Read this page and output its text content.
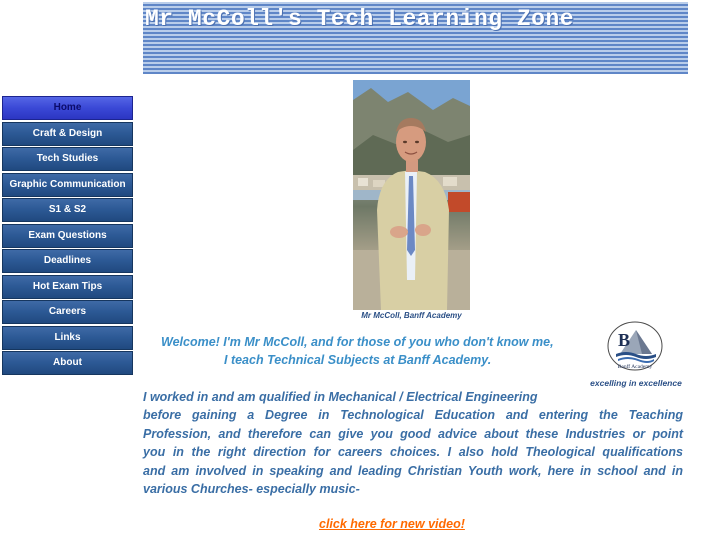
Mr McColl's Tech Learning Zone
Home
Craft & Design
Tech Studies
Graphic Communication
S1 & S2
Exam Questions
Deadlines
Hot Exam Tips
Careers
Links
About
Mr McColl, Banff Academy
Welcome! I'm Mr McColl, and for those of you who don't know me,
I teach Technical Subjects at Banff Academy.
B
Banff Academy
excelling in excellence
I worked in and am qualified in Mechanical / Electrical Engineering
before gaining a Degree in Technological Education and entering the Teaching
Profession, and therefore can give you good advice about these Industries or point
you in the right direction for careers choices. I also hold Theological qualifications
and am involved in speaking and leading Christian Youth work, here in school and in
various Churches- especially music-
click here for new video!
